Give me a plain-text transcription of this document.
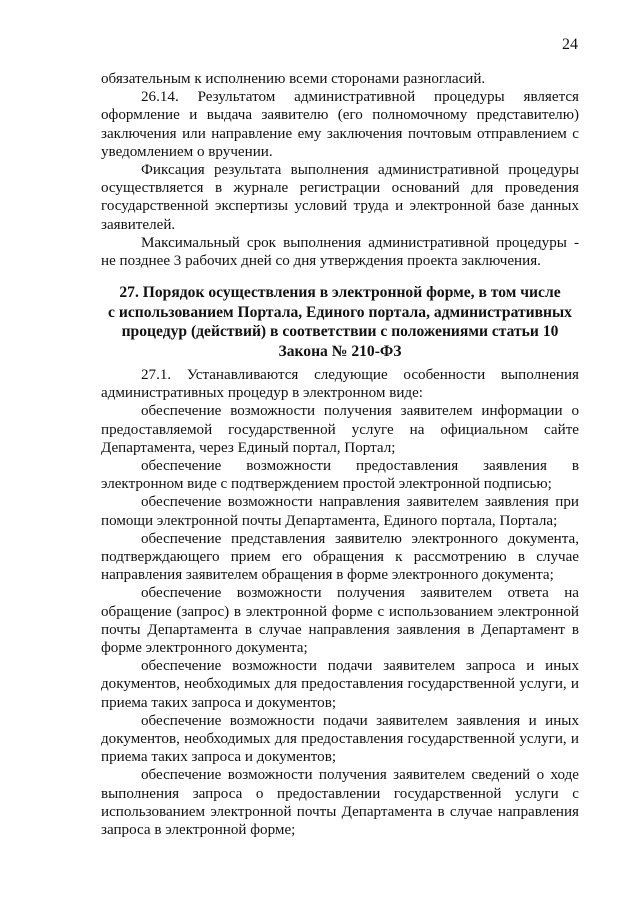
24

обязательным к исполнению всеми сторонами разногласий.

26.14. Результатом административной процедуры является оформление и выдача заявителю (его полномочному представителю) заключения или направление ему заключения почтовым отправлением с уведомлением о вручении.

Фиксация результата выполнения административной процедуры осуществляется в журнале регистрации оснований для проведения государственной экспертизы условий труда и электронной базе данных заявителей.

Максимальный срок выполнения административной процедуры - не позднее 3 рабочих дней со дня утверждения проекта заключения.

27. Порядок осуществления в электронной форме, в том числе
с использованием Портала, Единого портала, административных
процедур (действий) в соответствии с положениями статьи 10
Закона № 210-ФЗ

27.1. Устанавливаются следующие особенности выполнения административных процедур в электронном виде:

обеспечение возможности получения заявителем информации о предоставляемой государственной услуге на официальном сайте Департамента, через Единый портал, Портал;

обеспечение возможности предоставления заявления в электронном виде с подтверждением простой электронной подписью;

обеспечение возможности направления заявителем заявления при помощи электронной почты Департамента, Единого портала, Портала;

обеспечение представления заявителю электронного документа, подтверждающего прием его обращения к рассмотрению в случае направления заявителем обращения в форме электронного документа;

обеспечение возможности получения заявителем ответа на обращение (запрос) в электронной форме с использованием электронной почты Департамента в случае направления заявления в Департамент в форме электронного документа;

обеспечение возможности подачи заявителем запроса и иных документов, необходимых для предоставления государственной услуги, и приема таких запроса и документов;

обеспечение возможности подачи заявителем заявления и иных документов, необходимых для предоставления государственной услуги, и приема таких запроса и документов;

обеспечение возможности получения заявителем сведений о ходе выполнения запроса о предоставлении государственной услуги с использованием электронной почты Департамента в случае направления запроса в электронной форме;
